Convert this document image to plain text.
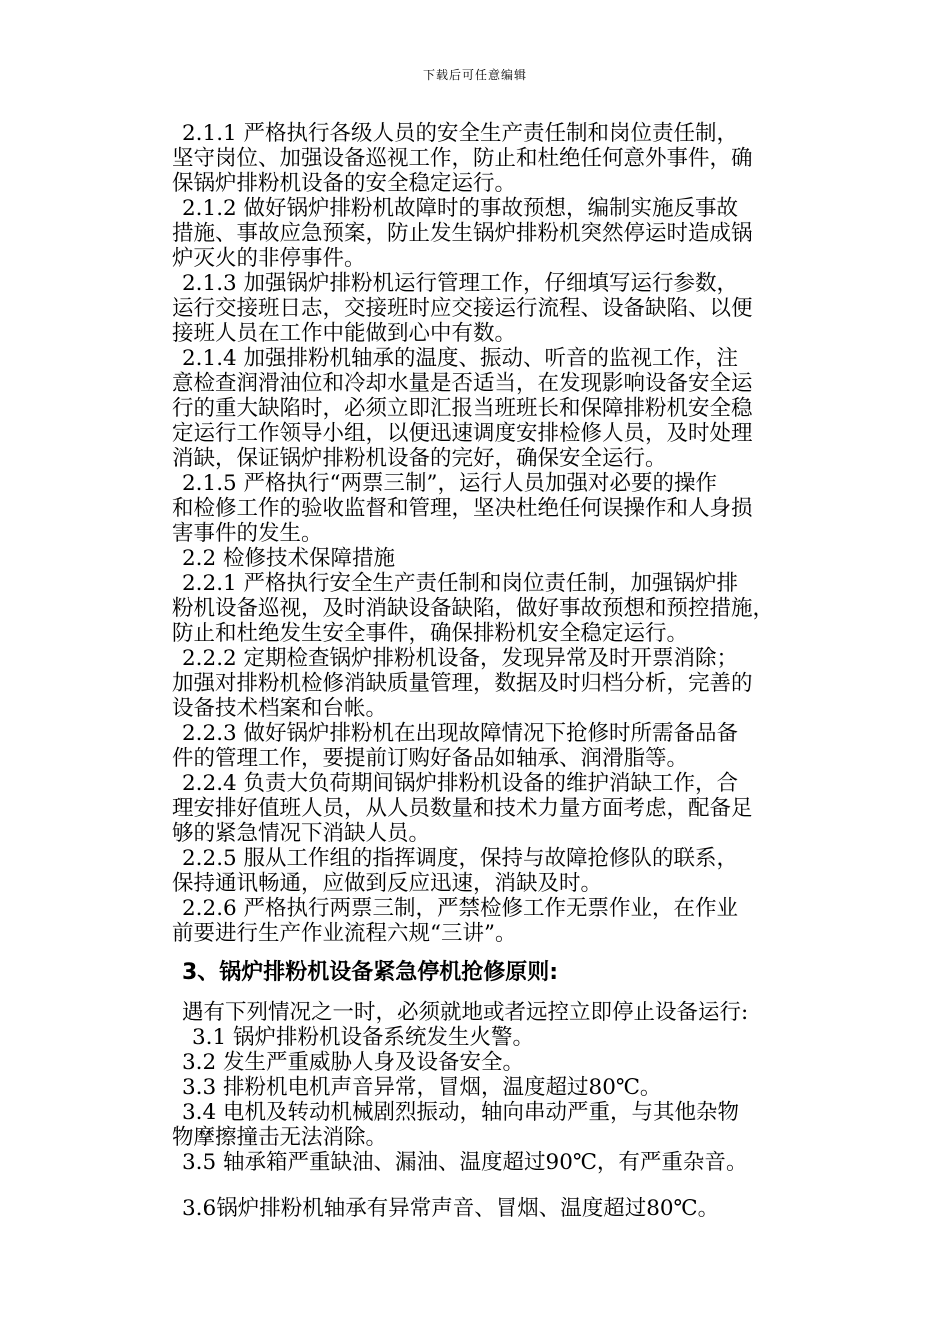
下载后可任意编辑
2.1.1 严格执行各级人员的安全生产责任制和岗位责任制，
坚守岗位、加强设备巡视工作，防止和杜绝任何意外事件，确
保锅炉排粉机设备的安全稳定运行。
2.1.2 做好锅炉排粉机故障时的事故预想，编制实施反事故
措施、事故应急预案，防止发生锅炉排粉机突然停运时造成锅
炉灭火的非停事件。
2.1.3 加强锅炉排粉机运行管理工作，仔细填写运行参数，
运行交接班日志，交接班时应交接运行流程、设备缺陷、以便
接班人员在工作中能做到心中有数。
2.1.4 加强排粉机轴承的温度、振动、听音的监视工作，注
意检查润滑油位和冷却水量是否适当，在发现影响设备安全运
行的重大缺陷时，必须立即汇报当班班长和保障排粉机安全稳
定运行工作领导小组，以便迅速调度安排检修人员，及时处理
消缺，保证锅炉排粉机设备的完好，确保安全运行。
2.1.5 严格执行“两票三制”，运行人员加强对必要的操作
和检修工作的验收监督和管理，坚决杜绝任何误操作和人身损
害事件的发生。
2.2 检修技术保障措施
2.2.1 严格执行安全生产责任制和岗位责任制，加强锅炉排
粉机设备巡视，及时消缺设备缺陷，做好事故预想和预控措施，
防止和杜绝发生安全事件，确保排粉机安全稳定运行。
2.2.2 定期检查锅炉排粉机设备，发现异常及时开票消除；
加强对排粉机检修消缺质量管理，数据及时归档分析，完善的
设备技术档案和台帐。
2.2.3 做好锅炉排粉机在出现故障情况下抢修时所需备品备
件的管理工作，要提前订购好备品如轴承、润滑脂等。
2.2.4 负责大负荷期间锅炉排粉机设备的维护消缺工作，合
理安排好值班人员，从人员数量和技术力量方面考虑，配备足
够的紧急情况下消缺人员。
2.2.5 服从工作组的指挥调度，保持与故障抢修队的联系，
保持通讯畅通，应做到反应迅速，消缺及时。
2.2.6 严格执行两票三制，严禁检修工作无票作业，在作业
前要进行生产作业流程六规“三讲”。
3、锅炉排粉机设备紧急停机抢修原则:
遇有下列情况之一时，必须就地或者远控立即停止设备运行:
3.1 锅炉排粉机设备系统发生火警。
3.2 发生严重威胁人身及设备安全。
3.3 排粉机电机声音异常，冒烟，温度超过80℃。
3.4 电机及转动机械剧烈振动，轴向串动严重，与其他杂物
物摩擦撞击无法消除。
3.5 轴承箱严重缺油、漏油、温度超过90℃，有严重杂音。
3.6锅炉排粉机轴承有异常声音、冒烟、温度超过80℃。
